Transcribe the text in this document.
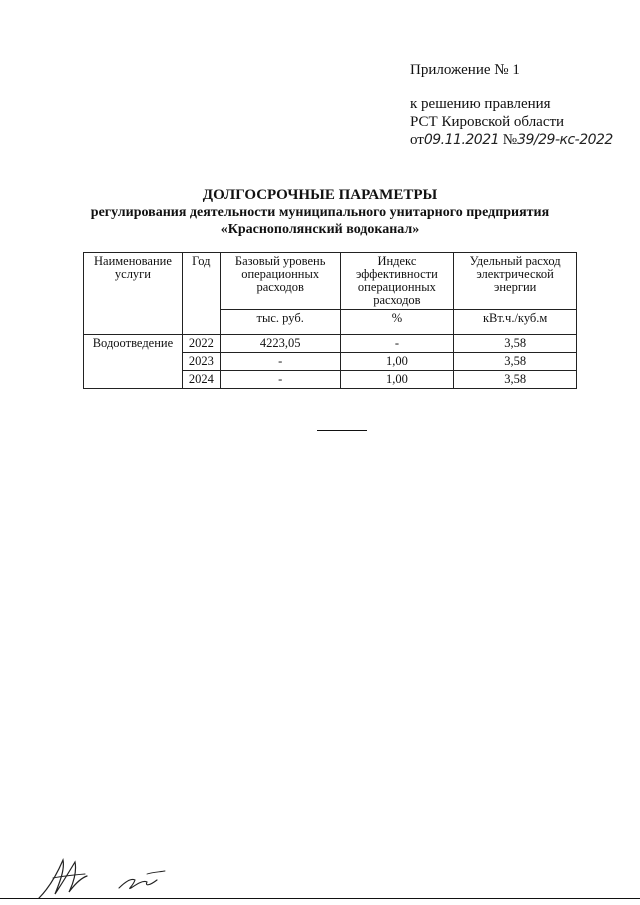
Приложение № 1
к решению правления
РСТ Кировской области
от09.11.2021 №39/29-кс-2022
ДОЛГОСРОЧНЫЕ ПАРАМЕТРЫ
регулирования деятельности муниципального унитарного предприятия
«Краснополянский водоканал»
Наименование услуги	Год	Базовый уровень операционных расходов	Индекс эффективности операционных расходов	Удельный расход электрической энергии
		тыс. руб.	%	кВт.ч./куб.м
Водоотведение	2022	4223,05	-	3,58
	2023	-	1,00	3,58
	2024	-	1,00	3,58
